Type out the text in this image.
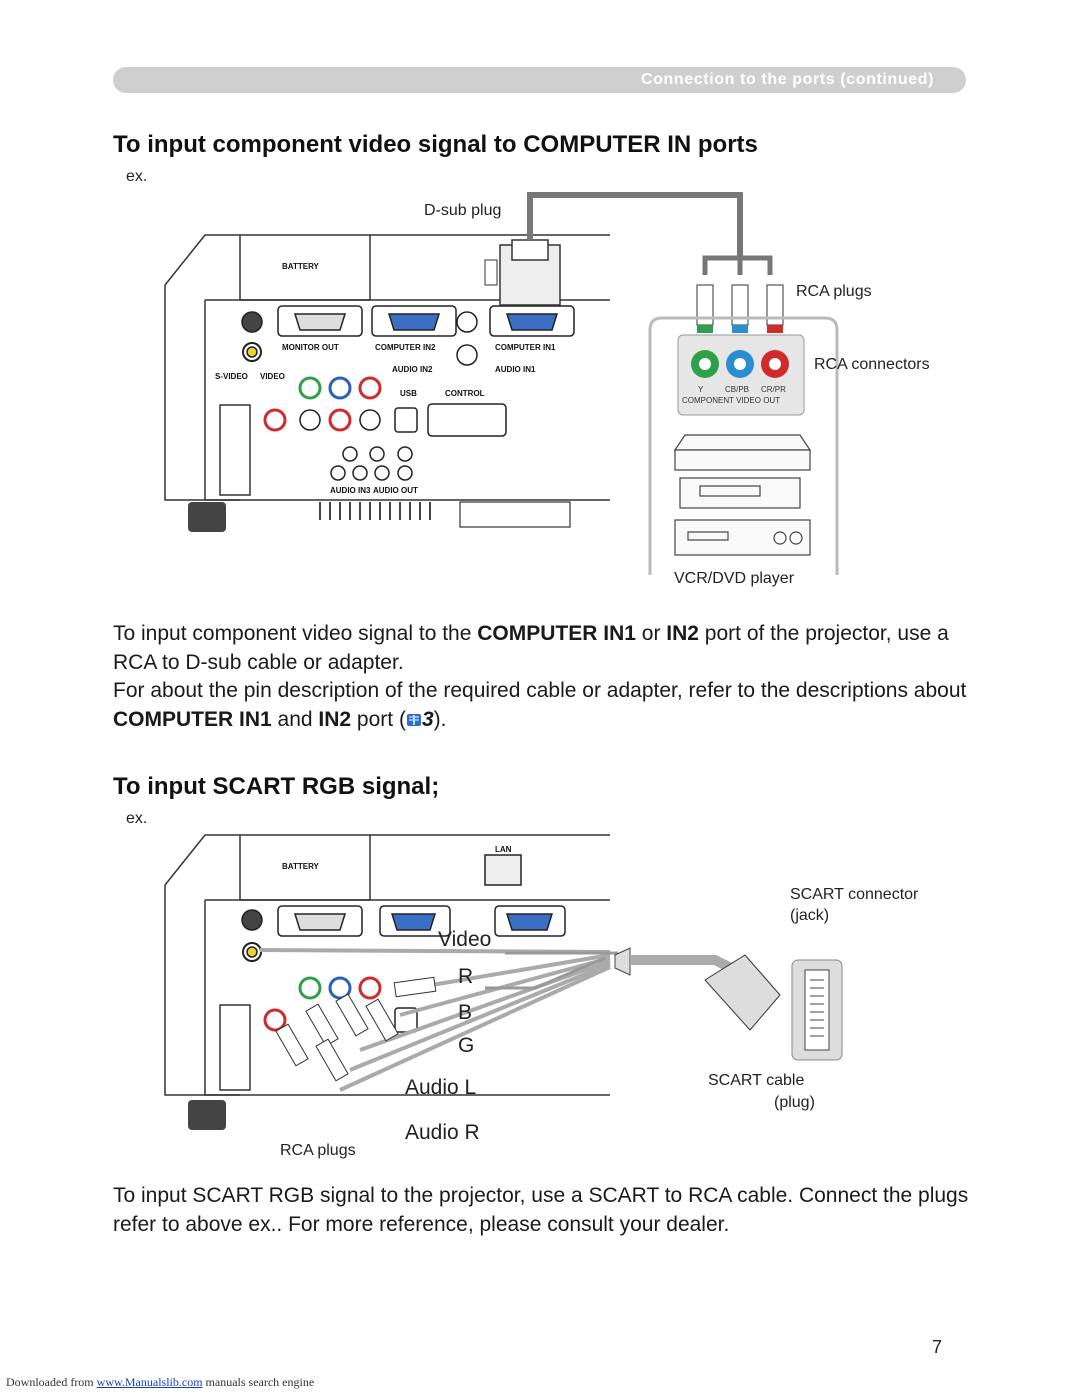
Connection to the ports (continued)
To input component video signal to COMPUTER IN ports
ex.
BATTERY
MONITOR OUT	COMPUTER IN2	COMPUTER IN1
AUDIO IN2	AUDIO IN1
S-VIDEO VIDEO
USB	CONTROL
AUDIO IN3 AUDIO OUT
Y	CB/PB CR/PR
COMPONENT VIDEO OUT
D-sub plug
RCA plugs
RCA connectors
VCR/DVD player

To input component video signal to the COMPUTER IN1 or IN2 port of the projector, use a RCA to D-sub cable or adapter.

For about the pin description of the required cable or adapter, refer to the descriptions about COMPUTER IN1 and IN2 port ( 3).

To input SCART RGB signal;
ex.
BATTERY
LAN
Video
R
B
G
Audio L
Audio R
SCART connector
(jack)
SCART cable
(plug)
RCA plugs

To input SCART RGB signal to the projector, use a SCART to RCA cable. Connect the plugs refer to above ex.. For more reference, please consult your dealer.

7
Downloaded from www.Manualslib.com manuals search engine
